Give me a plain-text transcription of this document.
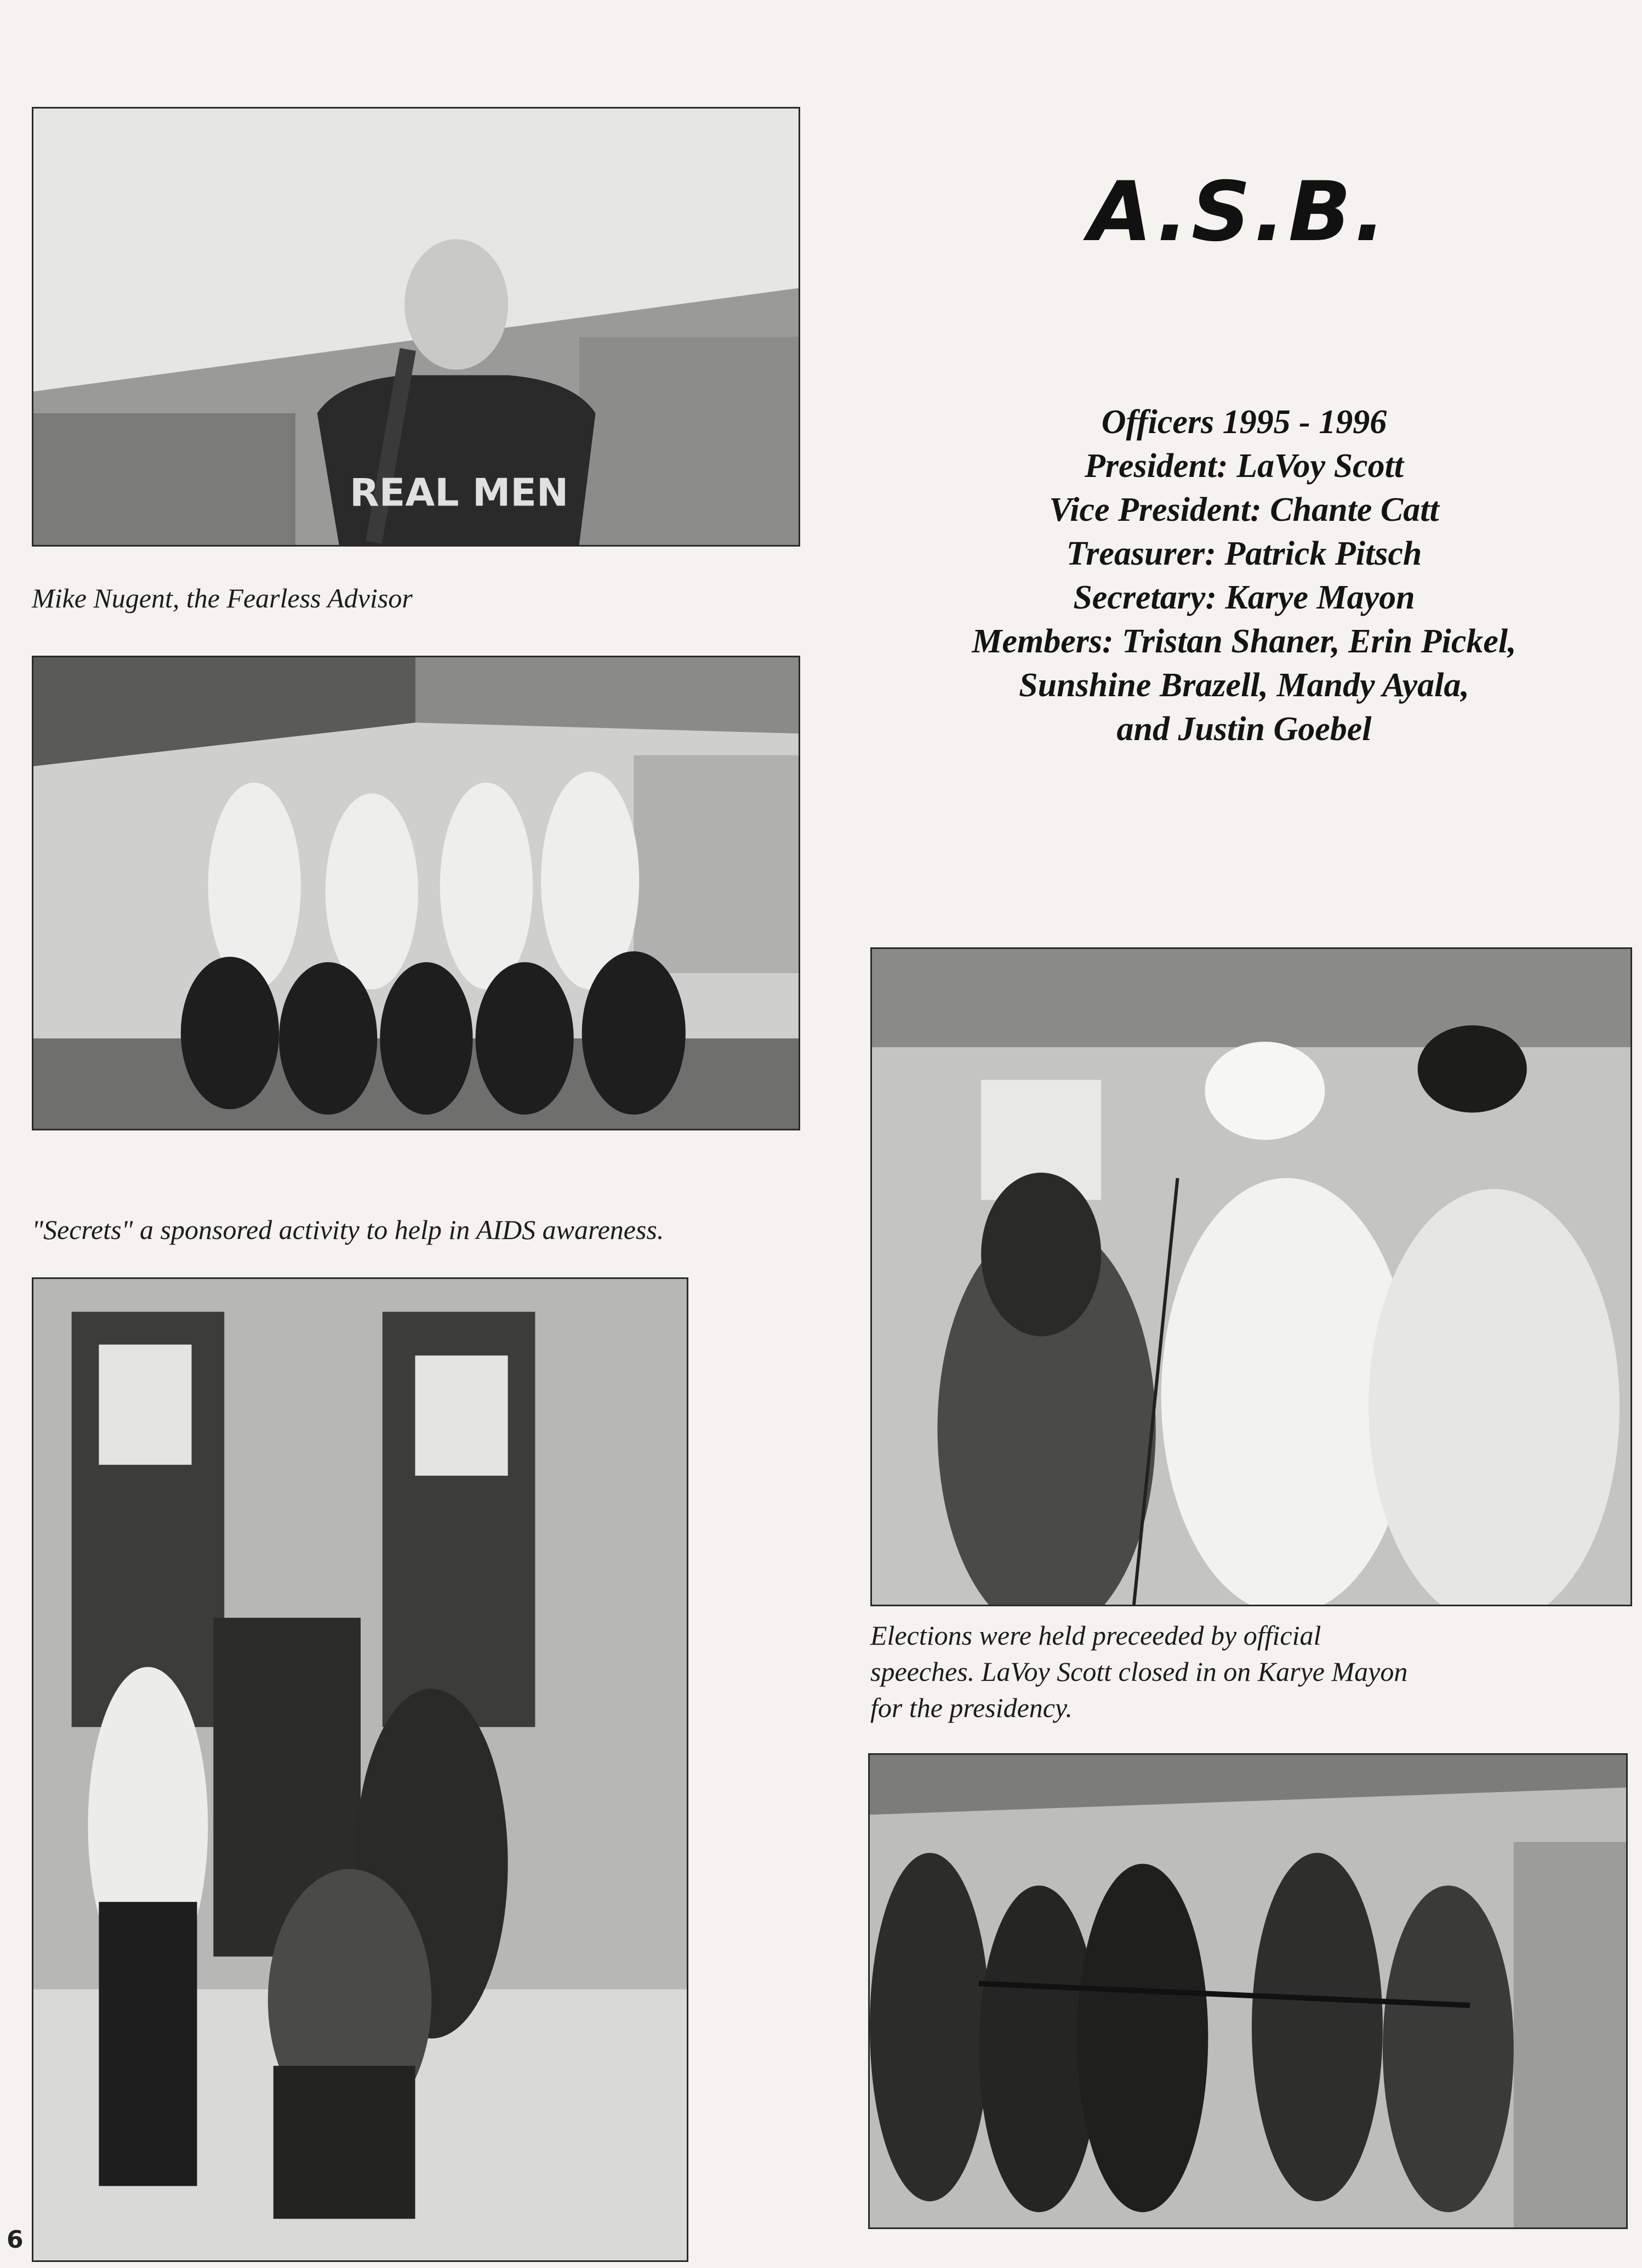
A.S.B.
Officers 1995 - 1996
President: LaVoy Scott
Vice President: Chante Catt
Treasurer: Patrick Pitsch
Secretary: Karye Mayon
Members: Tristan Shaner, Erin Pickel,
Sunshine Brazell, Mandy Ayala,
and Justin Goebel
REAL MEN
Mike Nugent, the Fearless Advisor
"Secrets" a sponsored activity to help in AIDS awareness.
Elections were held preceeded by official
speeches. LaVoy Scott closed in on Karye Mayon
for the presidency.
6
